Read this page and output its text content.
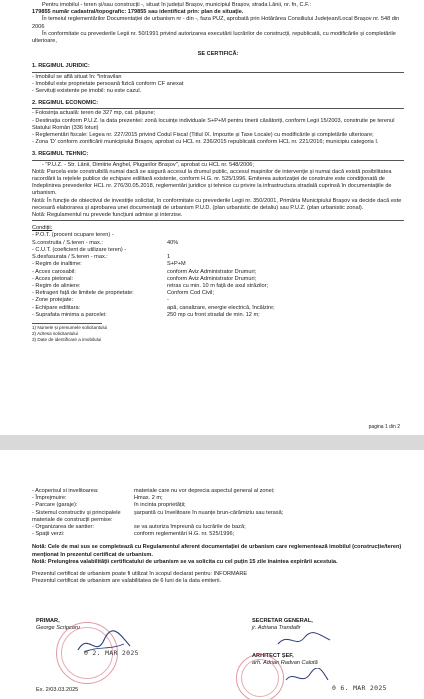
Pentru imobilul - teren și/sau construcții -, situat în județul Brașov, municipiul Brașov, strada Lânii, nr. fn, C.F.:

179855 număr cadastral/topografic: 179855 sau identificat prin: plan de situație.

În temeiul reglementărilor Documentației de urbanism nr - din -, faza PUZ, aprobată prin Hotărârea Consiliului Județean/Local Brașov nr. 548 din 2006

În conformitate cu prevederile Legii nr. 50/1991 privind autorizarea executării lucrărilor de construcții, republicată, cu modificările și completările ulterioare,

SE CERTIFICĂ:

1. REGIMUL JURIDIC:

- Imobilul se află situat în: *intravilan

- Imobilul este proprietate persoană fizică conform CF anexat

- Servituți existente pe imobil: nu este cazul.

2. REGIMUL ECONOMIC:

- Folosința actuală: teren de 327 mp, cat. pășune;

- Destinația conform P.U.Z. la data prezentei: zonă locuințe individuale S+P+M pentru tinerii căsătoriți, conform Legii 15/2003, construite pe terenul Statului Român (336 loturi)

- Reglementări fiscale: Legea nr. 227/2015 privind Codul Fiscal (Titlul IX. Impozite și Taxe Locale) cu modificările și completările ulterioare;

- Zona 'D' conform zonificării municipiului Brașov, aprobat cu HCL nr. 236/2015 republicată conform HCL nr. 221/2016; municipiu categoria I.

3. REGIMUL TEHNIC:

- "P.U.Z. - Str. Lânii, Dimitrie Anghel, Plugarilor Brașov", aprobat cu HCL nr. 548/2006;

Notă: Parcela este construibilă numai dacă se asigură accesul la drumul public, accesul mașinilor de intervenție și numai dacă există posibilitatea racordării la rețelele publice de echipare edilitară existente, conform H.G. nr. 525/1996. Emiterea autorizației de construire este condiționată de îndeplinirea prevederilor HCL nr. 276/30.05.2018, reglementări juridice și tehnice cu privire la infrastructura stradală cuprinsă în documentațiile de urbanism.

Notă: În funcție de obiectivul de investiție solicitat, în conformitate cu prevederile Legii nr. 350/2001, Primăria Municipiului Brașov va decide dacă este necesară elaborarea și aprobarea unei documentații de urbanism P.U.D. (plan urbanistic de detaliu) sau P.U.Z. (plan urbanistic zonal).

Notă: Regulamentul nu prevede funcțiuni admise și interzise.

Condiții:

- P.O.T. (procent ocupare teren) -
S.construita / S.teren - max.:	40%
- C.U.T. (coeficient de utilizare teren) -
S.desfasurata / S.teren - max.:	1
- Regim de inaltime:	S+P+M
- Acces carosabil:	conform Aviz Administrator Drumuri;
- Acces pietonal:	conform Aviz Administrator Drumuri;
- Regim de aliniere:	retras cu min. 10 m față de axul străzilor;
- Retrageri față de limitele de proprietate:	Conform Cod Civil;
- Zone protejate:	-
- Echipare edilitara:	apă, canalizare, energie electrică, încălzire;
- Suprafata minima a parcelei:	250 mp cu front stradal de min. 12 m;

1) Numele și prenumele solicitantului

2) Adresa solicitantului

3) Date de identificare a imobilului

pagina 1 din 2
- Acoperisul si invelitoarea:	materiale care nu vor deprecia aspectul general al zonei;
- Împrejmuire:	Hmax. 2 m;
- Parcare (garaje):	în incinta proprietății;
- Sistemul constructiv și principalele materiale de construcții permise:
șarpantă cu învelitoare în nuanțe brun-cărămiziu sau terasă;
- Organizarea de santier:	se va autoriza împreună cu lucrările de bază;
- Spații verzi:	conform reglementări H.G. nr. 525/1996;

Notă: Cele de mai sus se completează cu Regulamentul aferent documentației de urbanism care reglementează imobilul (construcție/teren) menționat în prezentul certificat de urbanism.

Notă: Prelungirea valabilității certificatului de urbanism se va solicita cu cel puțin 15 zile înaintea expirării acestuia.

Prezentul certificat de urbanism poate fi utilizat în scopul declarat pentru: INFORMARE

Prezentul certificat de urbanism are valabilitatea de 6 luni de la data emiterii.

PRIMAR,

George Scripcaru

0 2. MAR 2025
Ex. 2/03.03.2025

SECRETAR GENERAL,

jr. Adriana Trandafir

ARHITECT ȘEF,

arh. Adrian Radvan Calotă

0 6. MAR 2025
